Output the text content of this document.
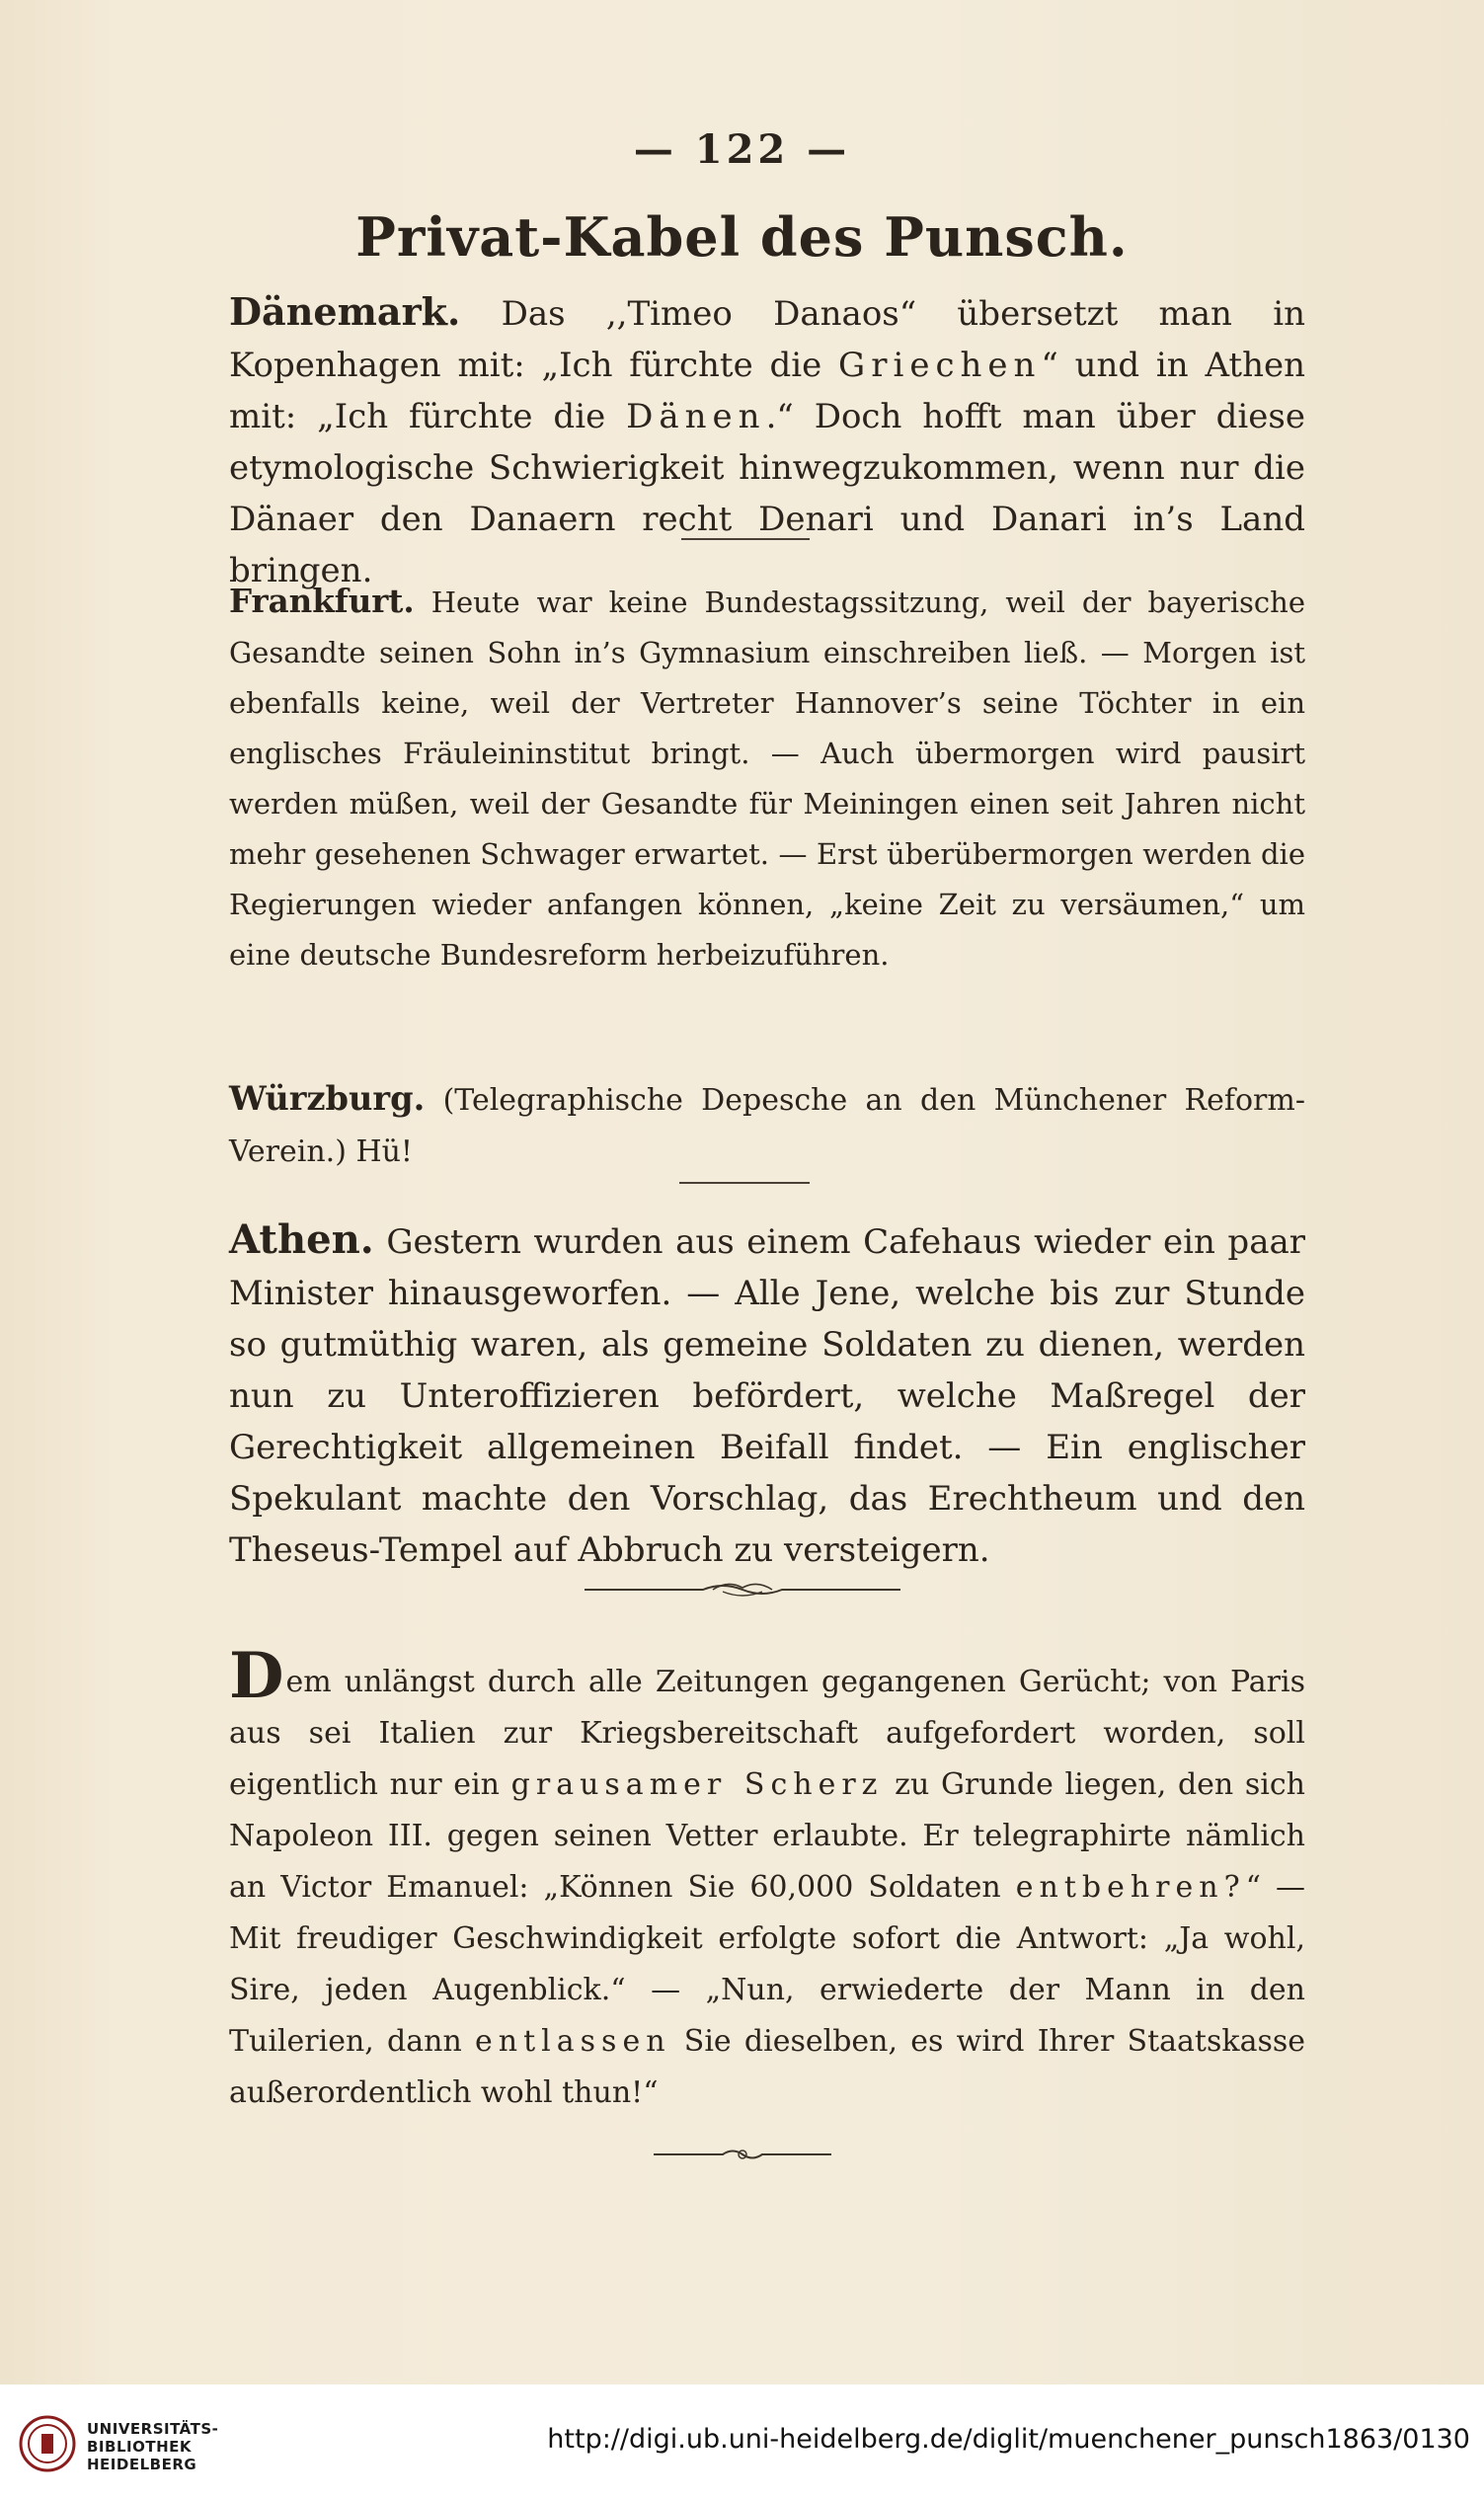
— 122 —
Privat-Kabel des Punsch.
Dänemark. Das ,,Timeo Danaos“ übersetzt man in Kopenhagen mit: „Ich fürchte die Griechen“ und in Athen mit: „Ich fürchte die Dänen.“ Doch hofft man über diese etymologische Schwierigkeit hinwegzukommen, wenn nur die Dänaer den Danaern recht Denari und Danari in’s Land bringen.
Frankfurt. Heute war keine Bundestagssitzung, weil der bayerische Gesandte seinen Sohn in’s Gymnasium einschreiben ließ. — Morgen ist ebenfalls keine, weil der Vertreter Hannover’s seine Töchter in ein englisches Fräuleininstitut bringt. — Auch übermorgen wird pausirt werden müßen, weil der Gesandte für Meiningen einen seit Jahren nicht mehr gesehenen Schwager erwartet. — Erst überübermorgen werden die Regierungen wieder anfangen können, „keine Zeit zu versäumen,“ um eine deutsche Bundesreform herbeizuführen.
Würzburg. (Telegraphische Depesche an den Münchener Reform-Verein.) Hü!
Athen. Gestern wurden aus einem Cafehaus wieder ein paar Minister hinausgeworfen. — Alle Jene, welche bis zur Stunde so gutmüthig waren, als gemeine Soldaten zu dienen, werden nun zu Unteroffizieren befördert, welche Maßregel der Gerechtigkeit allgemeinen Beifall findet. — Ein englischer Spekulant machte den Vorschlag, das Erechtheum und den Theseus-Tempel auf Abbruch zu versteigern.
Dem unlängst durch alle Zeitungen gegangenen Gerücht; von Paris aus sei Italien zur Kriegsbereitschaft aufgefordert worden, soll eigentlich nur ein grausamer Scherz zu Grunde liegen, den sich Napoleon III. gegen seinen Vetter erlaubte. Er telegraphirte nämlich an Victor Emanuel: „Können Sie 60,000 Soldaten entbehren?“ — Mit freudiger Geschwindigkeit erfolgte sofort die Antwort: „Ja wohl, Sire, jeden Augenblick.“ — „Nun, erwiederte der Mann in den Tuilerien, dann entlassen Sie dieselben, es wird Ihrer Staatskasse außerordentlich wohl thun!“
UNIVERSITÄTS-
BIBLIOTHEK
HEIDELBERG
http://digi.ub.uni-heidelberg.de/diglit/muenchener_punsch1863/0130
